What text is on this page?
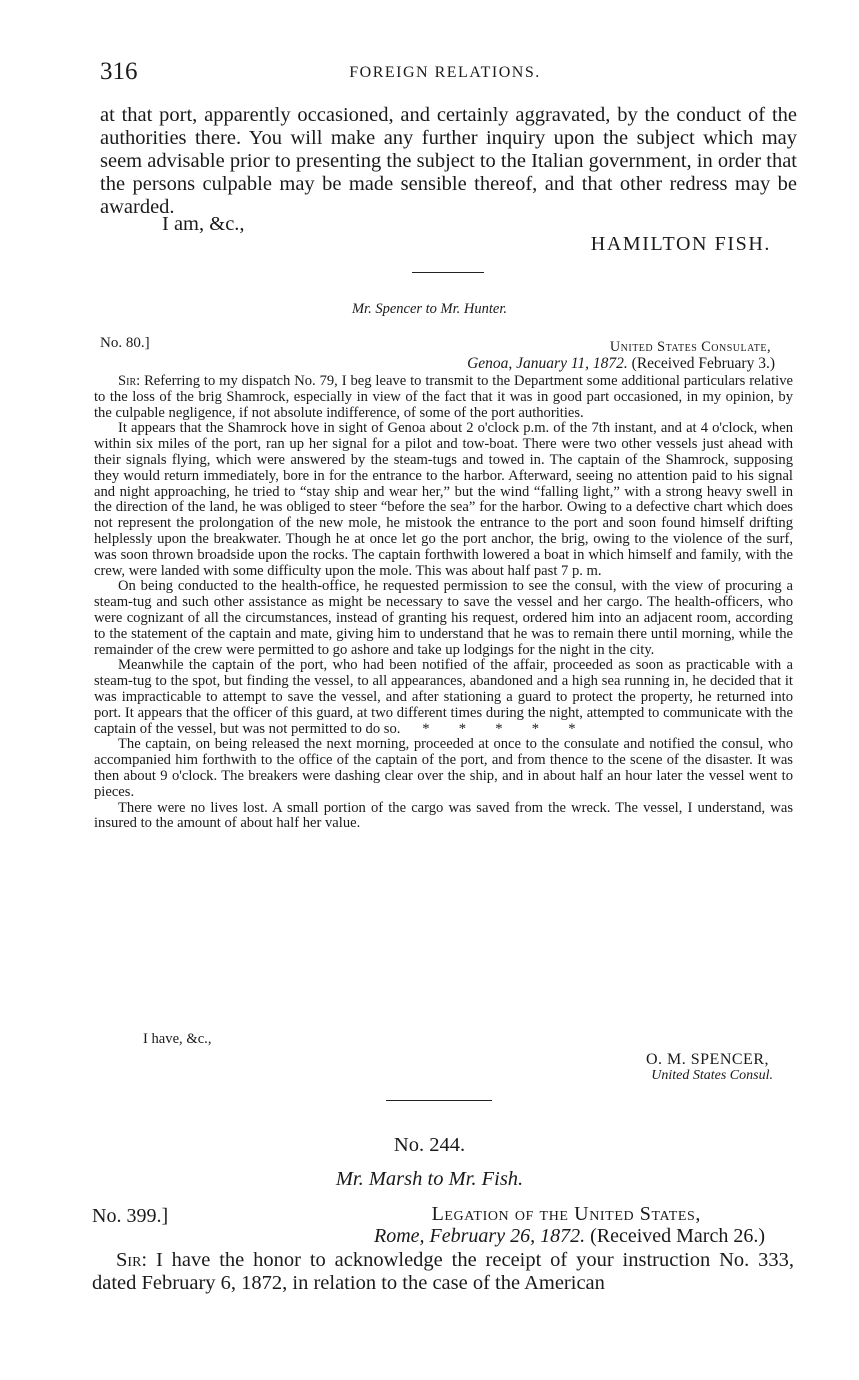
316	FOREIGN RELATIONS.
at that port, apparently occasioned, and certainly aggravated, by the conduct of the authorities there. You will make any further inquiry upon the subject which may seem advisable prior to presenting the subject to the Italian government, in order that the persons culpable may be made sensible thereof, and that other redress may be awarded.
I am, &c.,
HAMILTON FISH.
Mr. Spencer to Mr. Hunter.
No. 80.]	United States Consulate,
Genoa, January 11, 1872. (Received February 3.)

Sir: Referring to my dispatch No. 79, I beg leave to transmit to the Department some additional particulars relative to the loss of the brig Shamrock, especially in view of the fact that it was in good part occasioned, in my opinion, by the culpable negligence, if not absolute indifference, of some of the port authorities.

It appears that the Shamrock hove in sight of Genoa about 2 o'clock p.m. of the 7th instant, and at 4 o'clock, when within six miles of the port, ran up her signal for a pilot and tow-boat. There were two other vessels just ahead with their signals flying, which were answered by the steam-tugs and towed in. The captain of the Shamrock, supposing they would return immediately, bore in for the entrance to the harbor. Afterward, seeing no attention paid to his signal and night approaching, he tried to “stay ship and wear her,” but the wind “falling light,” with a strong heavy swell in the direction of the land, he was obliged to steer “before the sea” for the harbor. Owing to a defective chart which does not represent the prolongation of the new mole, he mistook the entrance to the port and soon found himself drifting helplessly upon the breakwater. Though he at once let go the port anchor, the brig, owing to the violence of the surf, was soon thrown broadside upon the rocks. The captain forthwith lowered a boat in which himself and family, with the crew, were landed with some difficulty upon the mole. This was about half past 7 p. m.

On being conducted to the health-office, he requested permission to see the consul, with the view of procuring a steam-tug and such other assistance as might be necessary to save the vessel and her cargo. The health-officers, who were cognizant of all the circumstances, instead of granting his request, ordered him into an adjacent room, according to the statement of the captain and mate, giving him to understand that he was to remain there until morning, while the remainder of the crew were permitted to go ashore and take up lodgings for the night in the city.

Meanwhile the captain of the port, who had been notified of the affair, proceeded as soon as practicable with a steam-tug to the spot, but finding the vessel, to all appearances, abandoned and a high sea running in, he decided that it was impracticable to attempt to save the vessel, and after stationing a guard to protect the property, he returned into port. It appears that the officer of this guard, at two different times during the night, attempted to communicate with the captain of the vessel, but was not permitted to do so. *        *        *        *        *

The captain, on being released the next morning, proceeded at once to the consulate and notified the consul, who accompanied him forthwith to the office of the captain of the port, and from thence to the scene of the disaster. It was then about 9 o'clock. The breakers were dashing clear over the ship, and in about half an hour later the vessel went to pieces.

There were no lives lost. A small portion of the cargo was saved from the wreck. The vessel, I understand, was insured to the amount of about half her value.

I have, &c.,
O. M. SPENCER,
United States Consul.
No. 244.
Mr. Marsh to Mr. Fish.
No. 399.]	Legation of the United States,
Rome, February 26, 1872. (Received March 26.)
Sir: I have the honor to acknowledge the receipt of your instruction No. 333, dated February 6, 1872, in relation to the case of the American
